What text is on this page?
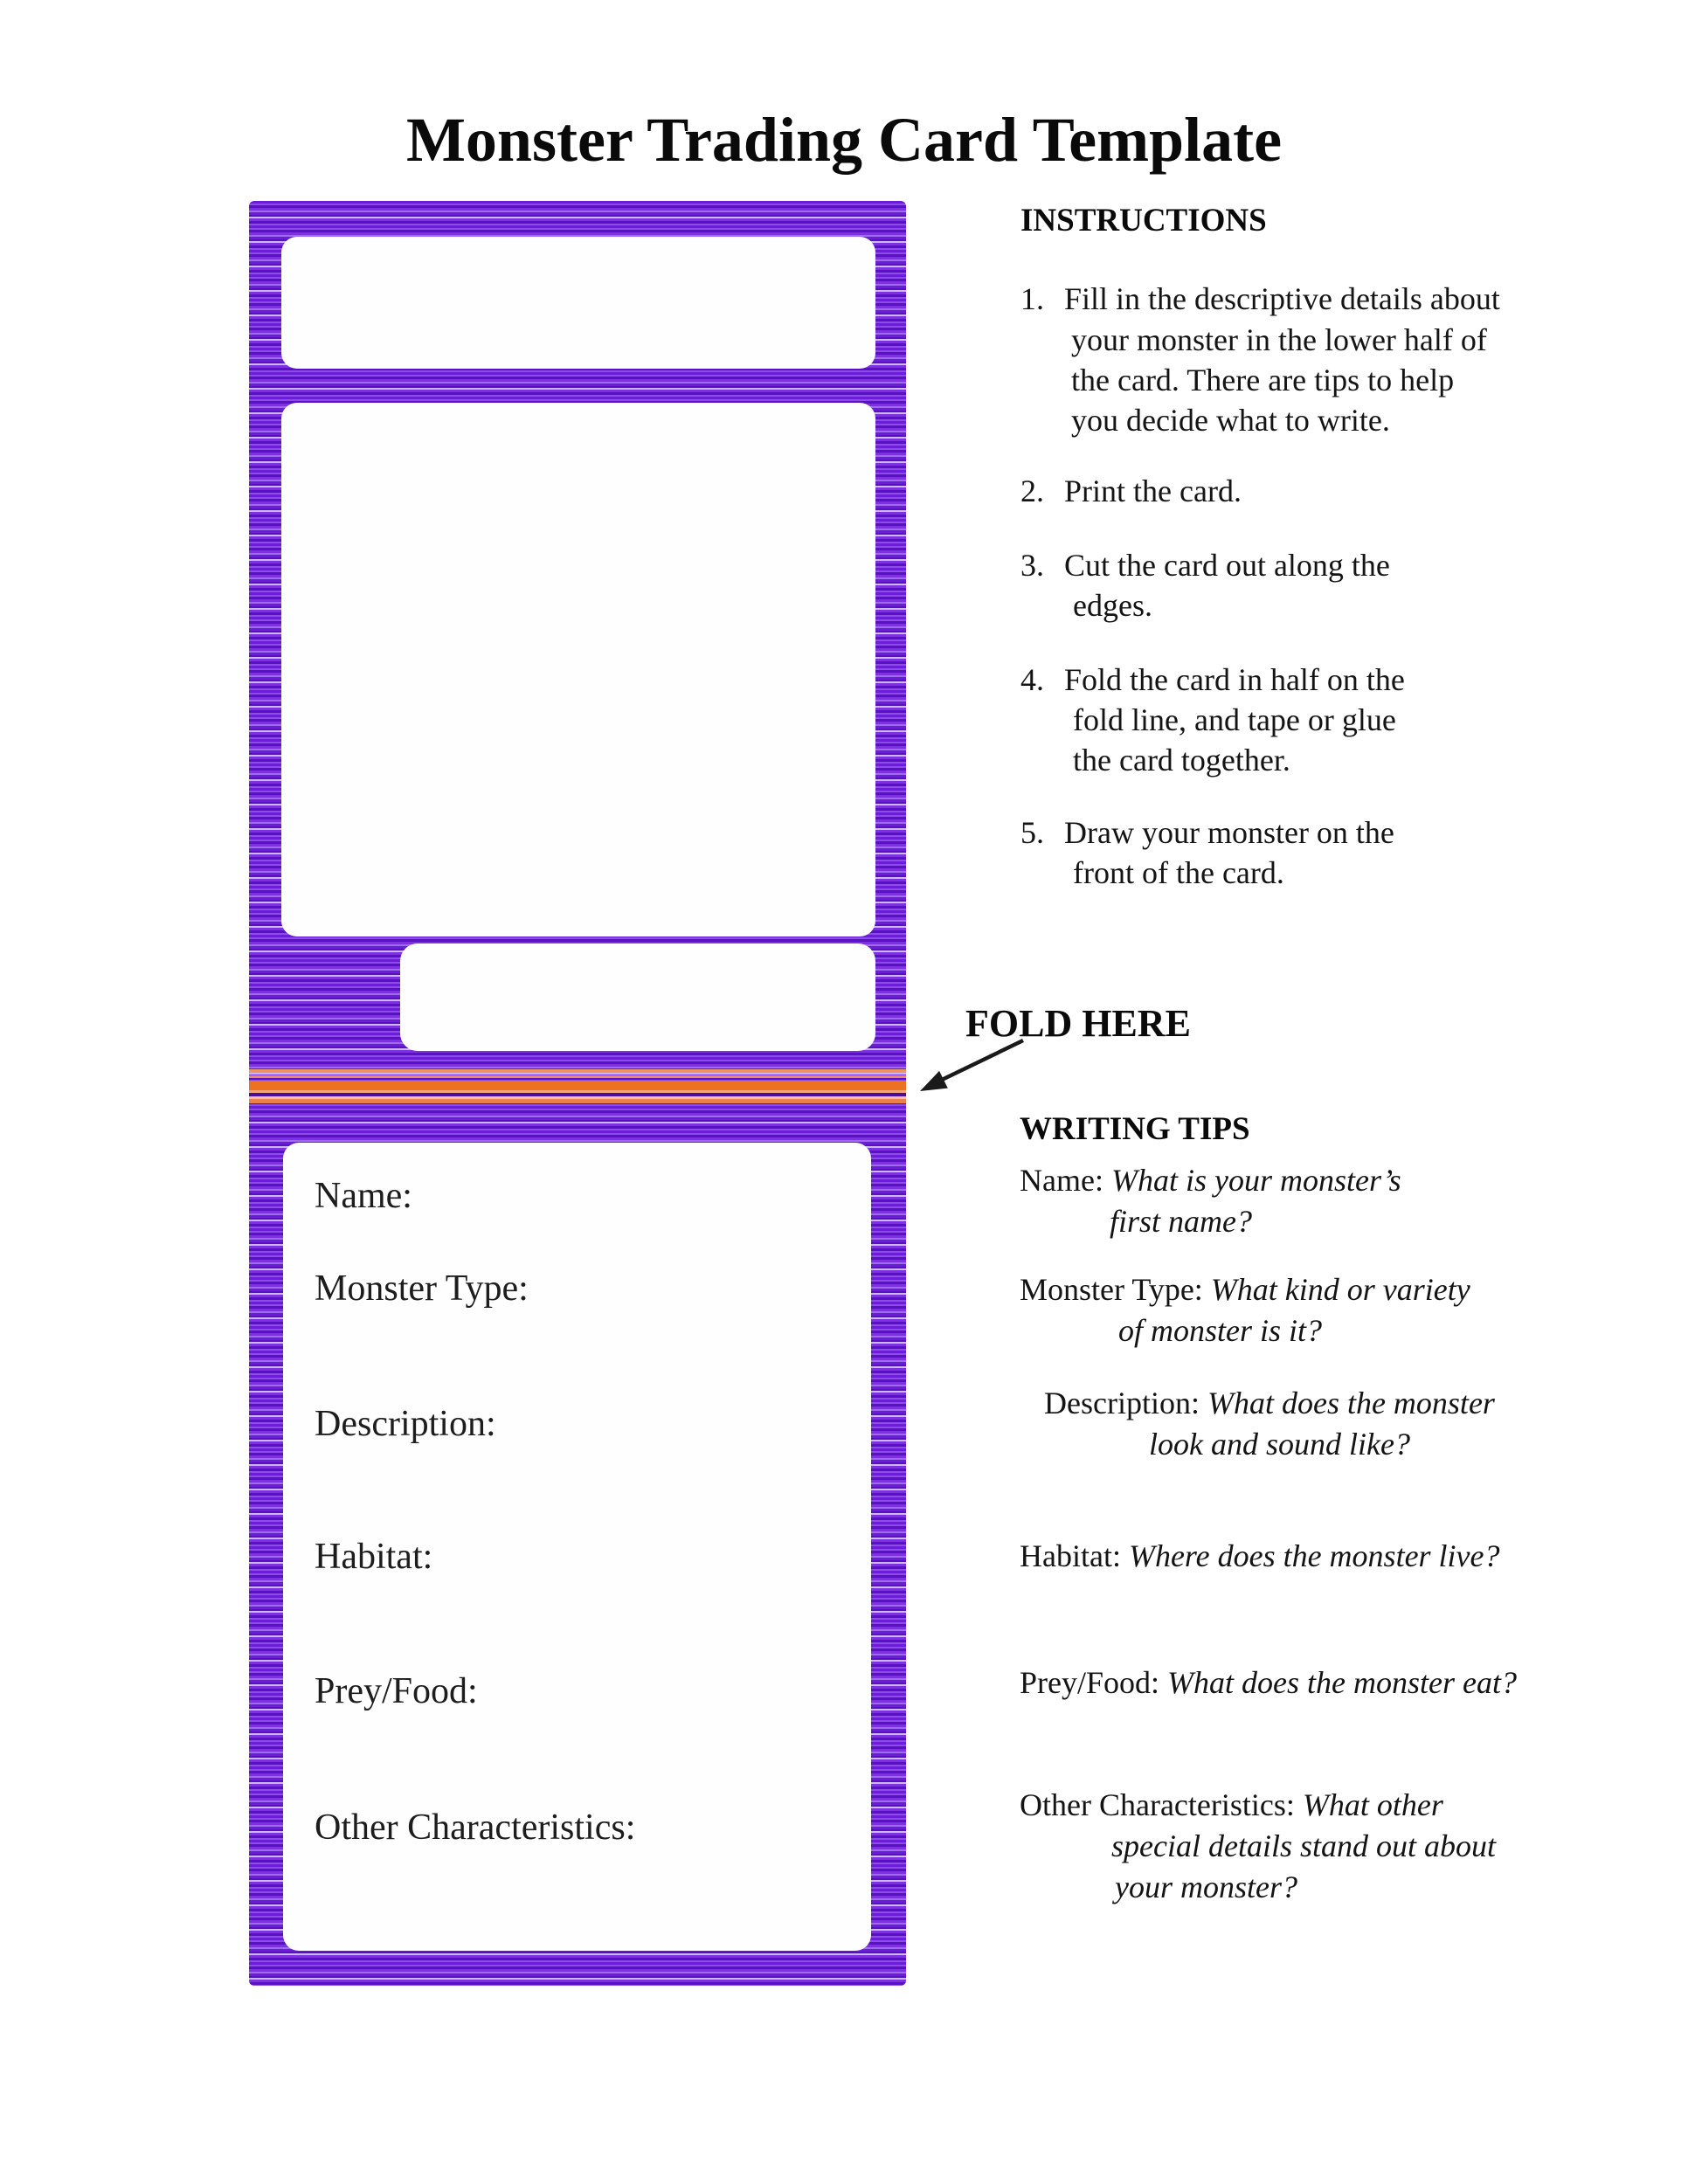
Monster Trading Card Template
Name:
Monster Type:
Description:
Habitat:
Prey/Food:
Other Characteristics:
INSTRUCTIONS
1. Fill in the descriptive details about
your monster in the lower half of
the card. There are tips to help
you decide what to write.
2. Print the card.
3. Cut the card out along the
edges.
4. Fold the card in half on the
fold line, and tape or glue
the card together.
5. Draw your monster on the
front of the card.
FOLD HERE
WRITING TIPS
Name: What is your monster’s
first name?
Monster Type: What kind or variety
of monster is it?
Description: What does the monster
look and sound like?
Habitat: Where does the monster live?
Prey/Food: What does the monster eat?
Other Characteristics: What other
special details stand out about
your monster?
